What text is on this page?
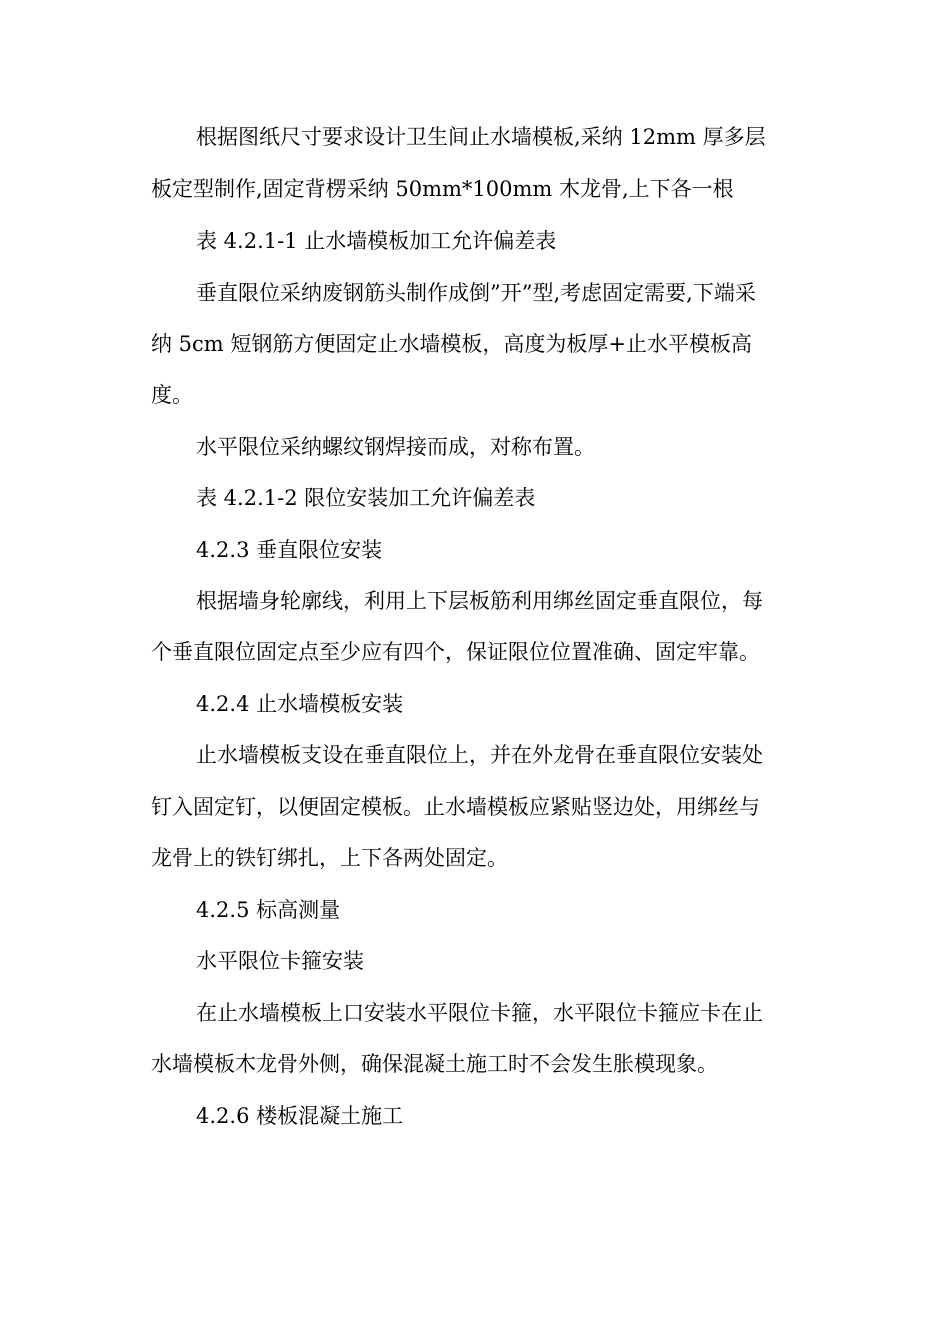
根据图纸尺寸要求设计卫生间止水墙模板,采纳 12mm 厚多层

板定型制作,固定背楞采纳 50mm*100mm 木龙骨,上下各一根

表 4.2.1-1 止水墙模板加工允许偏差表

垂直限位采纳废钢筋头制作成倒”开”型,考虑固定需要,下端采

纳 5cm 短钢筋方便固定止水墙模板，高度为板厚+止水平模板高

度。

水平限位采纳螺纹钢焊接而成，对称布置。

表 4.2.1-2 限位安装加工允许偏差表

4.2.3 垂直限位安装

根据墙身轮廓线，利用上下层板筋利用绑丝固定垂直限位，每

个垂直限位固定点至少应有四个，保证限位位置准确、固定牢靠。

4.2.4 止水墙模板安装

止水墙模板支设在垂直限位上，并在外龙骨在垂直限位安装处

钉入固定钉，以便固定模板。止水墙模板应紧贴竖边处，用绑丝与

龙骨上的铁钉绑扎，上下各两处固定。

4.2.5 标高测量

水平限位卡箍安装

在止水墙模板上口安装水平限位卡箍，水平限位卡箍应卡在止

水墙模板木龙骨外侧，确保混凝土施工时不会发生胀模现象。

4.2.6 楼板混凝土施工
